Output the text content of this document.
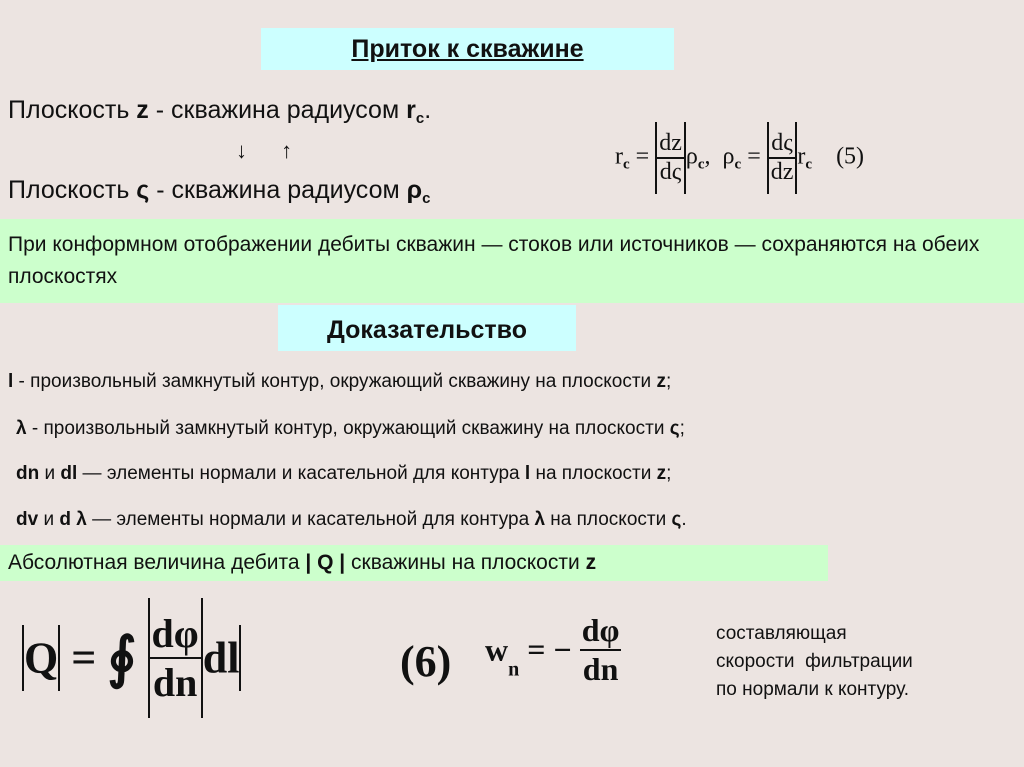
Приток к скважине
Плоскость z - скважина радиусом $r_c$.
↓ ↑
Плоскость ς - скважина радиусом $\rho_c$
$r_c = \frac{dz}{d\varsigma} \rho_c$, $\rho_c = \frac{d\varsigma}{dz} r_c$ (5)

При конформном отображении дебиты скважин — стоков или источников — сохраняются на обеих плоскостях

Доказательство
l - произвольный замкнутый контур, окружающий скважину на плоскости z;
λ - произвольный замкнутый контур, окружающий скважину на плоскости ς;
dn и dl — элементы нормали и касательной для контура l на плоскости z;
dv и d λ — элементы нормали и касательной для контура λ на плоскости ς.

Абсолютная величина дебита | Q | скважины на плоскости z

Q = ∮ $\frac{d\varphi}{dn}$ dl	(6) $w_n$ = − $\frac{d\varphi}{dn}$	составляющая
скорости  фильтрации
по нормали к контуру.
